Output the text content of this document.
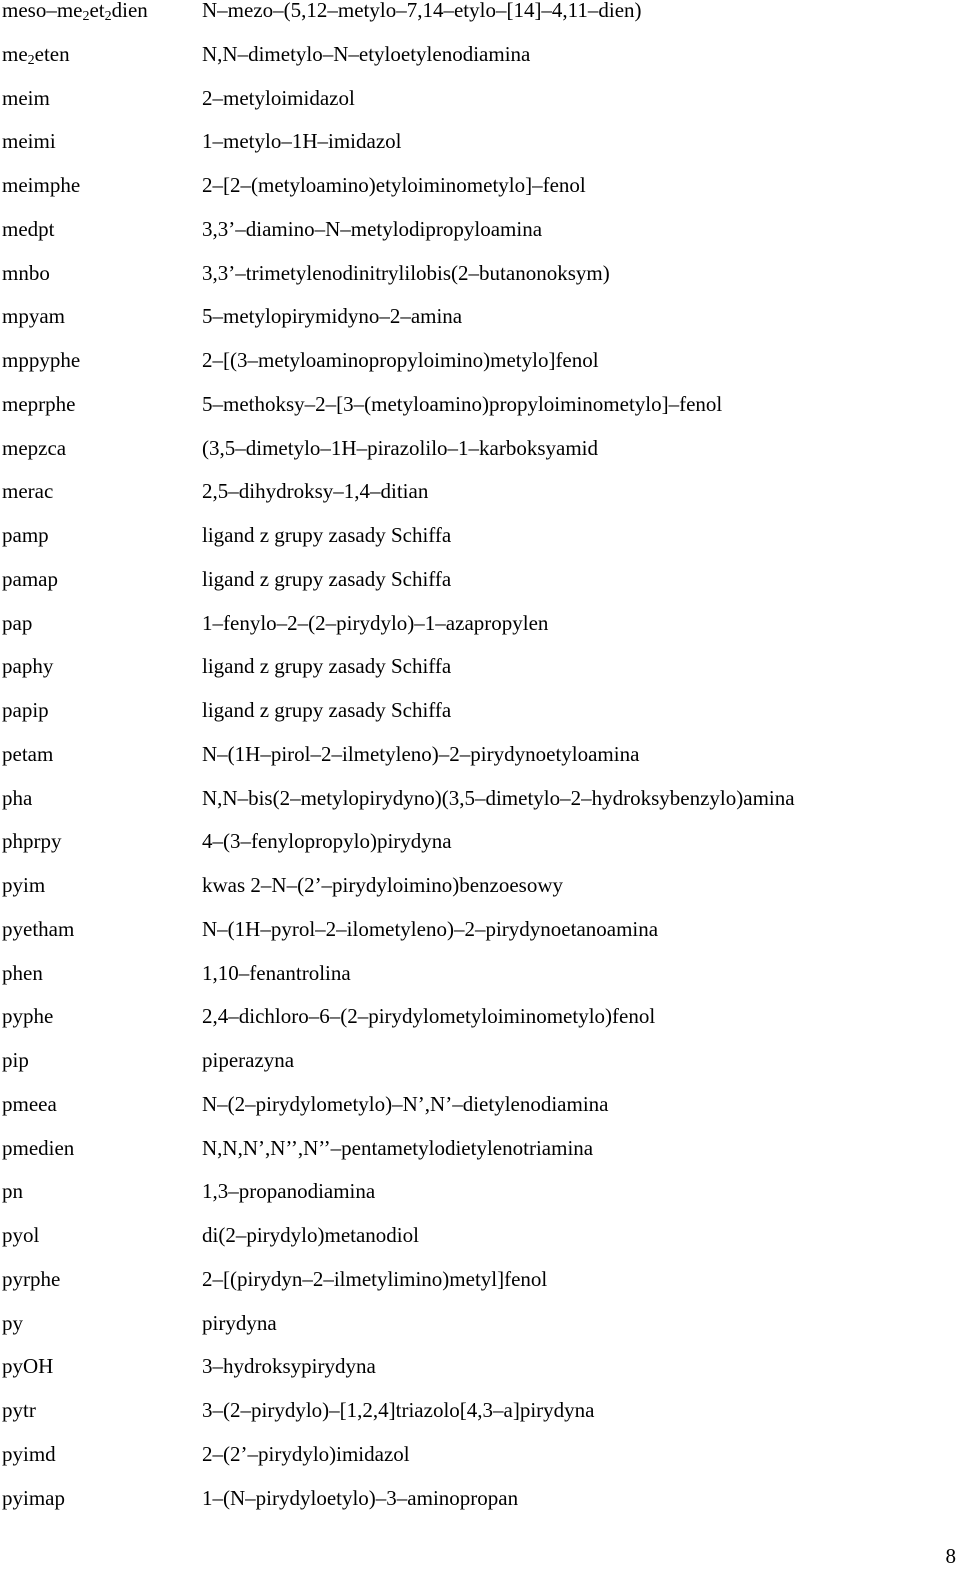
meso–$me_2et_2dien$	N–mezo–(5,12–metylo–7,14–etylo–[14]–4,11–dien)
$me_2eten$	N,N–dimetylo–N–etyloetylenodiamina
meim	2–metyloimidazol
meimi	1–metylo–1H–imidazol
meimphe	2–[2–(metyloamino)etyloiminometylo]–fenol
medpt	3,3’–diamino–N–metylodipropyloamina
mnbo	3,3’–trimetylenodinitrylilobis(2–butanonoksym)
mpyam	5–metylopirymidyno–2–amina
mppyphe	2–[(3–metyloaminopropyloimino)metylo]fenol
meprphe	5–methoksy–2–[3–(metyloamino)propyloiminometylo]–fenol
mepzca	(3,5–dimetylo–1H–pirazolilo–1–karboksyamid
merac	2,5–dihydroksy–1,4–ditian
pamp	ligand z grupy zasady Schiffa
pamap	ligand z grupy zasady Schiffa
pap	1–fenylo–2–(2–pirydylo)–1–azapropylen
paphy	ligand z grupy zasady Schiffa
papip	ligand z grupy zasady Schiffa
petam	N–(1H–pirol–2–ilmetyleno)–2–pirydynoetyloamina
pha	N,N–bis(2–metylopirydyno)(3,5–dimetylo–2–hydroksybenzylo)amina
phprpy	4–(3–fenylopropylo)pirydyna
pyim	kwas 2–N–(2’–pirydyloimino)benzoesowy
pyetham	N–(1H–pyrol–2–ilometyleno)–2–pirydynoetanoamina
phen	1,10–fenantrolina
pyphe	2,4–dichloro–6–(2–pirydylometyloiminometylo)fenol
pip	piperazyna
pmeea	N–(2–pirydylometylo)–N’,N’–dietylenodiamina
pmedien	N,N,N’,N’’,N’’–pentametylodietylenotriamina
pn	1,3–propanodiamina
pyol	di(2–pirydylo)metanodiol
pyrphe	2–[(pirydyn–2–ilmetylimino)metyl]fenol
py	pirydyna
pyOH	3–hydroksypirydyna
pytr	3–(2–pirydylo)–[1,2,4]triazolo[4,3–a]pirydyna
pyimd	2–(2’–pirydylo)imidazol
pyimap	1–(N–pirydyloetylo)–3–aminopropan
8
